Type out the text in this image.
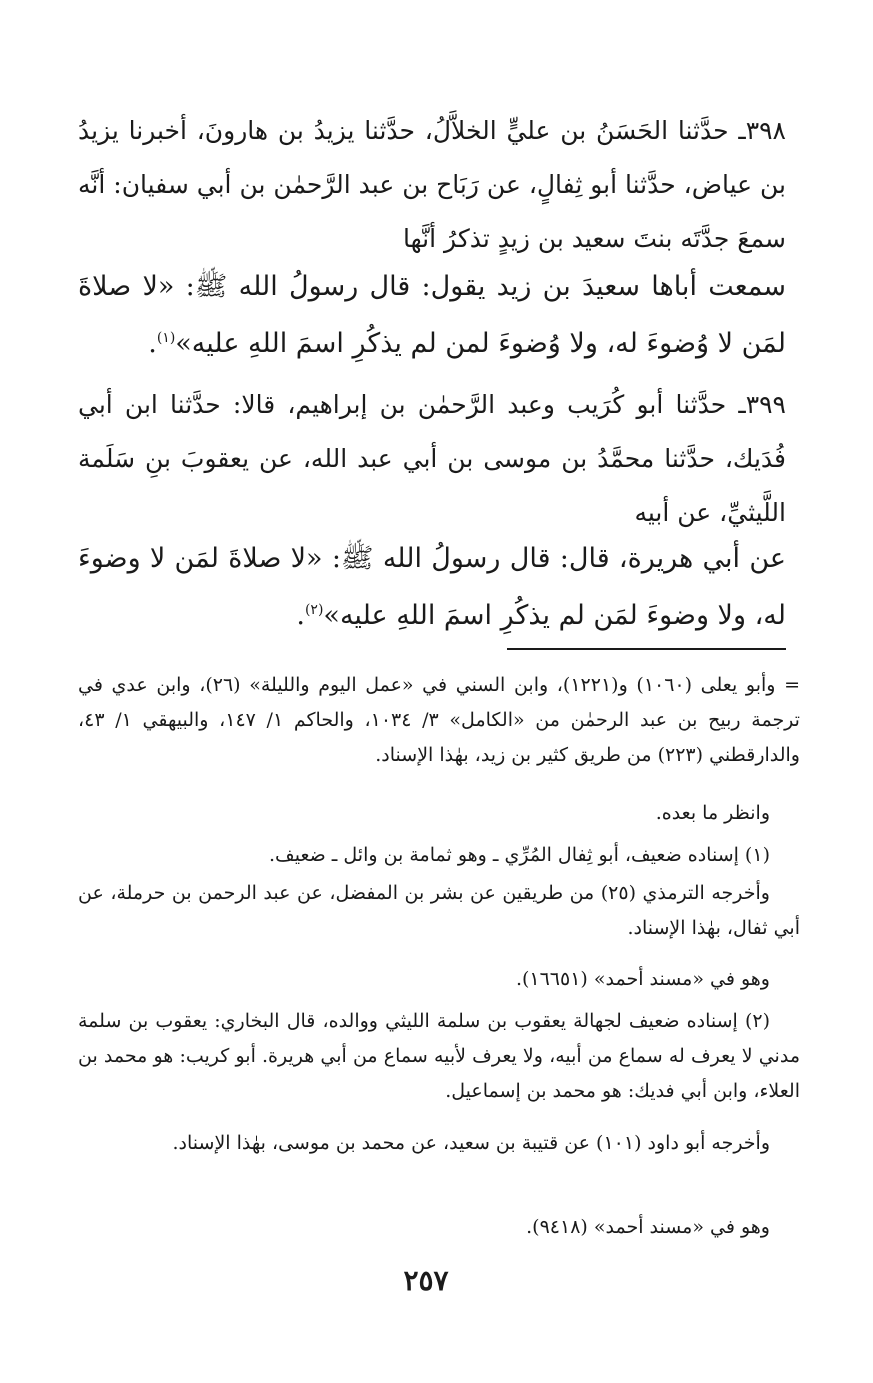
٣٩٨ـ حدَّثنا الحَسَنُ بن عليٍّ الخلاَّلُ، حدَّثنا يزيدُ بن هارونَ، أخبرنا يزيدُ بن عياض، حدَّثنا أبو ثِفالٍ، عن رَبَاح بن عبد الرَّحمٰن بن أبي سفيان: أنَّه سمعَ جدَّتَه بنتَ سعيد بن زيدٍ تذكرُ أنَّها

سمعت أباها سعيدَ بن زيد يقول: قال رسولُ الله ﷺ: «لا صلاةَ لمَن لا وُضوءَ له، ولا وُضوءَ لمن لم يذكُرِ اسمَ اللهِ عليه»$^{(١)}$.

٣٩٩ـ حدَّثنا أبو كُرَيب وعبد الرَّحمٰن بن إبراهيم، قالا: حدَّثنا ابن أبي فُدَيك، حدَّثنا محمَّدُ بن موسى بن أبي عبد الله، عن يعقوبَ بنِ سَلَمة اللَّيثيِّ، عن أبيه

عن أبي هريرة، قال: قال رسولُ الله ﷺ: «لا صلاةَ لمَن لا وضوءَ له، ولا وضوءَ لمَن لم يذكُرِ اسمَ اللهِ عليه»$^{(٢)}$.

= وأبو يعلى (١٠٦٠) و(١٢٢١)، وابن السني في «عمل اليوم والليلة» (٢٦)، وابن عدي في ترجمة ربيح بن عبد الرحمٰن من «الكامل» ٣/ ١٠٣٤، والحاكم ١/ ١٤٧، والبيهقي ١/ ٤٣، والدارقطني (٢٢٣) من طريق كثير بن زيد، بهٰذا الإسناد.

وانظر ما بعده.

(١) إسناده ضعيف، أبو ثِفال المُرِّي ـ وهو ثمامة بن وائل ـ ضعيف.

وأخرجه الترمذي (٢٥) من طريقين عن بشر بن المفضل، عن عبد الرحمن بن حرملة، عن أبي ثفال، بهٰذا الإسناد.

وهو في «مسند أحمد» (١٦٦٥١).

(٢) إسناده ضعيف لجهالة يعقوب بن سلمة الليثي ووالده، قال البخاري: يعقوب بن سلمة مدني لا يعرف له سماع من أبيه، ولا يعرف لأبيه سماع من أبي هريرة. أبو كريب: هو محمد بن العلاء، وابن أبي فديك: هو محمد بن إسماعيل.

وأخرجه أبو داود (١٠١) عن قتيبة بن سعيد، عن محمد بن موسى، بهٰذا الإسناد.

وهو في «مسند أحمد» (٩٤١٨).

٢٥٧
